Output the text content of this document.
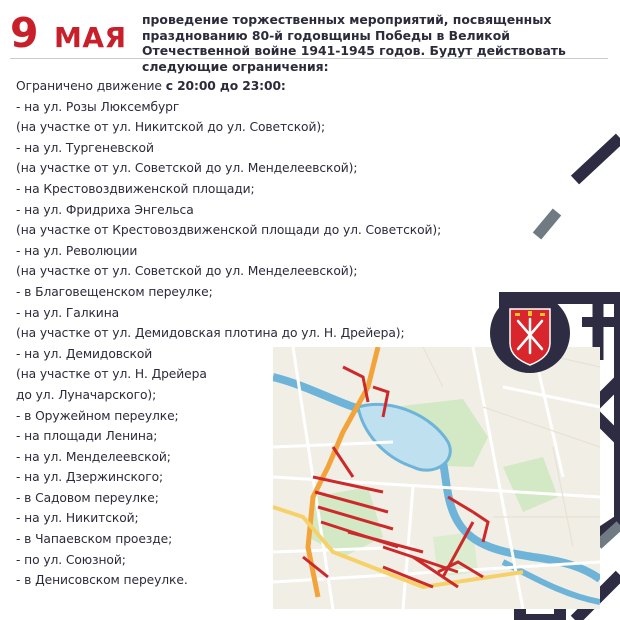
9 МАЯ
проведение торжественных мероприятий, посвященных празднованию 80-й годовщины Победы в Великой Отечественной войне 1941-1945 годов. Будут действовать следующие ограничения:
Ограничено движение с 20:00 до 23:00:
- на ул. Розы Люксембург
(на участке от ул. Никитской до ул. Советской);
- на ул. Тургеневской
(на участке от ул. Советской до ул. Менделеевской);
- на Крестовоздвиженской площади;
- на ул. Фридриха Энгельса
(на участке от Крестовоздвиженской площади до ул. Советской);
- на ул. Революции
(на участке от ул. Советской до ул. Менделеевской);
- в Благовещенском переулке;
- на ул. Галкина
(на участке от ул. Демидовская плотина до ул. Н. Дрейера);
- на ул. Демидовской
(на участке от ул. Н. Дрейера
до ул. Луначарского);
- в Оружейном переулке;
- на площади Ленина;
- на ул. Менделеевской;
- на ул. Дзержинского;
- в Садовом переулке;
- на ул. Никитской;
- в Чапаевском проезде;
- по ул. Союзной;
- в Денисовском переулке.
